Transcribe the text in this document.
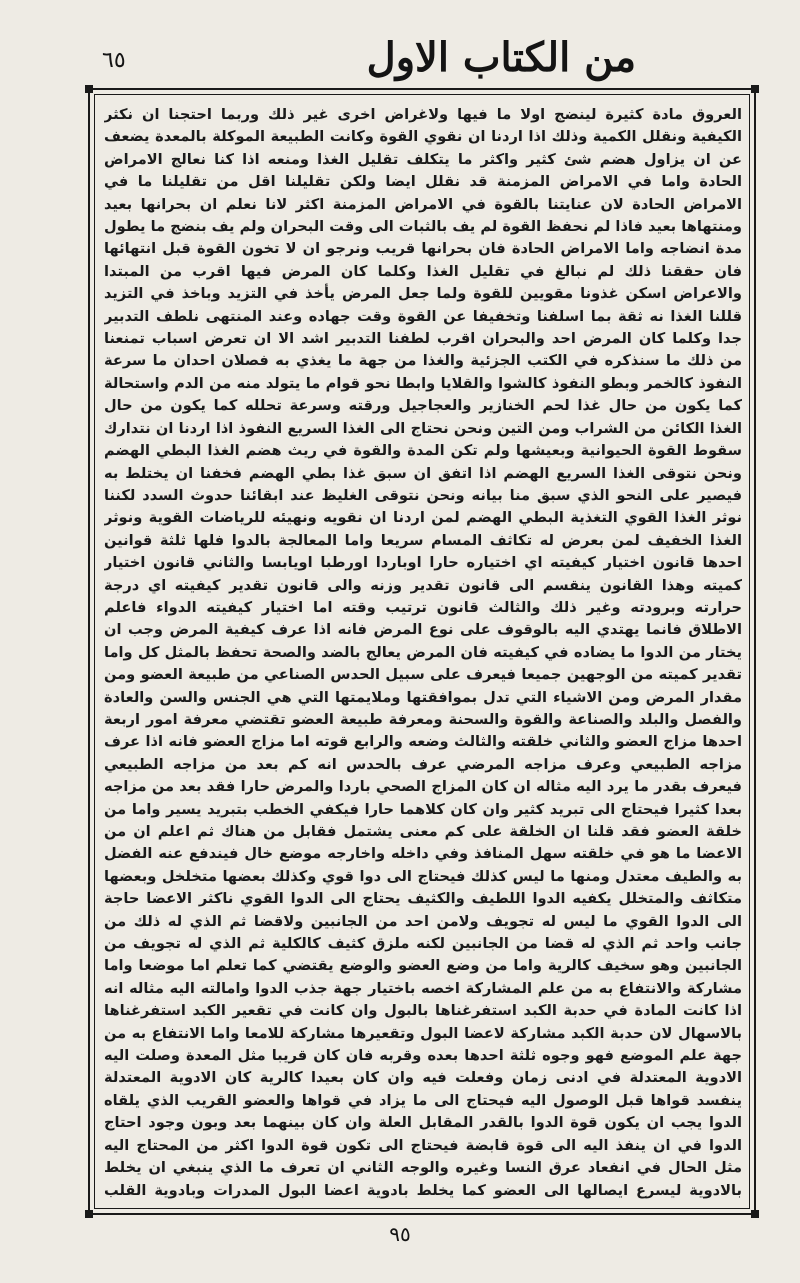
من الكتاب الاول
٦٥

العروق مادة كثيرة لينضج اولا ما فيها ولاغراض اخرى غير ذلك وربما احتجنا ان نكثر الكيفية ونقلل الكمية وذلك اذا اردنا ان نقوي القوة وكانت الطبيعة الموكلة بالمعدة يضعف عن ان يزاول هضم شئ كثير واكثر ما يتكلف تقليل الغذا ومنعه اذا كنا نعالج الامراض الحادة واما في الامراض المزمنة قد نقلل ايضا ولكن تقليلنا اقل من تقليلنا ما في الامراض الحادة لان عنايتنا بالقوة في الامراض المزمنة اكثر لانا نعلم ان بحرانها بعيد ومنتهاها بعيد فاذا لم نحفظ القوة لم يف بالثبات الى وقت البحران ولم يف بنضج ما يطول مدة انضاجه واما الامراض الحادة فان بحرانها قريب ونرجو ان لا تخون القوة قبل انتهائها فان حققنا ذلك لم نبالغ في تقليل الغذا وكلما كان المرض فيها اقرب من المبتدا والاعراض اسكن غذونا مقويين للقوة ولما جعل المرض يأخذ في التزيد وباخذ في التزيد قللنا الغذا نه ثقة بما اسلفنا وتخفيفا عن القوة وقت جهاده وعند المنتهى نلطف التدبير جدا وكلما كان المرض احد والبحران اقرب لطفنا التدبير اشد الا ان تعرض اسباب تمنعنا من ذلك ما سنذكره في الكتب الجزئية والغذا من جهة ما يغذي به فصلان احدان ما سرعة النفوذ كالخمر وبطو النفوذ كالشوا والقلايا وابطا نحو قوام ما يتولد منه من الدم واستحالة كما يكون من حال غذا لحم الخنازير والعجاجيل ورقته وسرعة تحلله كما يكون من حال الغذا الكائن من الشراب ومن التين ونحن نحتاج الى الغذا السريع النفوذ اذا اردنا ان نتدارك سقوط القوة الحيوانية وبعيشها ولم تكن المدة والقوة في ريث هضم الغذا البطي الهضم ونحن نتوقى الغذا السريع الهضم اذا اتفق ان سبق غذا بطي الهضم فخفنا ان يختلط به فيصير على النحو الذي سبق منا بيانه ونحن نتوقى الغليظ عند ابقائنا حدوث السدد لكننا نوثر الغذا القوي التغذية البطي الهضم لمن اردنا ان نقويه ونهيئه للرياضات القوية ونوثر الغذا الخفيف لمن بعرض له تكاثف المسام سريعا واما المعالجة بالدوا فلها ثلثة قوانين احدها قانون اختيار كيفيته اي اختياره حارا اوباردا اورطبا اويابسا والثاني قانون اختيار كميته وهذا القانون ينقسم الى قانون تقدير وزنه والى قانون تقدير كيفيته اي درجة حرارته وبرودته وغير ذلك والثالث قانون ترتيب وقته اما اختيار كيفيته الدواء فاعلم الاطلاق فانما يهتدي اليه بالوقوف على نوع المرض فانه اذا عرف كيفية المرض وجب ان يختار من الدوا ما يضاده في كيفيته فان المرض يعالج بالضد والصحة تحفظ بالمثل كل واما تقدير كميته من الوجهين جميعا فيعرف على سبيل الحدس الصناعي من طبيعة العضو ومن مقدار المرض ومن الاشياء التي تدل بموافقتها وملايمتها التي هي الجنس والسن والعادة والفصل والبلد والصناعة والقوة والسحنة ومعرفة طبيعة العضو تقتضي معرفة امور اربعة احدها مزاج العضو والثاني خلقته والثالث وضعه والرابع قوته اما مزاج العضو فانه اذا عرف مزاجه الطبيعي وعرف مزاجه المرضي عرف بالحدس انه كم بعد من مزاجه الطبيعي فيعرف بقدر ما يرد اليه مثاله ان كان المزاج الصحي باردا والمرض حارا فقد بعد من مزاجه بعدا كثيرا فيحتاج الى تبريد كثير وان كان كلاهما حارا فيكفي الخطب بتبريد يسير واما من خلقة العضو فقد قلنا ان الخلقة على كم معنى يشتمل فقابل من هناك ثم اعلم ان من الاعضا ما هو في خلقته سهل المنافذ وفي داخله واخارجه موضع خال فيندفع عنه الفضل به والطيف معتدل ومنها ما ليس كذلك فيحتاج الى دوا قوي وكذلك بعضها متخلخل وبعضها متكاثف والمتخلل يكفيه الدوا اللطيف والكثيف يحتاج الى الدوا القوي ناكثر الاعضا حاجة الى الدوا القوي ما ليس له تجويف ولامن احد من الجانبين ولاقضا ثم الذي له ذلك من جانب واحد ثم الذي له قضا من الجانبين لكنه ملزق كثيف كالكلية ثم الذي له تجويف من الجانبين وهو سخيف كالرية واما من وضع العضو والوضع يقتضي كما تعلم اما موضعا واما مشاركة والانتفاع به من علم المشاركة اخصه باختيار جهة جذب الدوا وامالته اليه مثاله انه اذا كانت المادة في حدبة الكبد استفرغناها بالبول وان كانت في تقعير الكبد استفرغناها بالاسهال لان حدبة الكبد مشاركة لاعضا البول وتقعيرها مشاركة للامعا واما الانتفاع به من جهة علم الموضع فهو وجوه ثلثة احدها بعده وقربه فان كان قريبا مثل المعدة وصلت اليه الادوية المعتدلة في ادنى زمان وفعلت فيه وان كان بعيدا كالرية كان الادوية المعتدلة ينفسد قواها قبل الوصول اليه فيحتاج الى ما يزاد في قواها والعضو القريب الذي يلقاه الدوا يجب ان يكون قوة الدوا بالقدر المقابل العلة وان كان بينهما بعد وبون وجود احتاج الدوا في ان ينفذ اليه الى قوة قابضة فيحتاج الى تكون قوة الدوا اكثر من المحتاج اليه مثل الحال في انفعاد عرق النسا وغيره والوجه الثاني ان تعرف ما الذي ينبغي ان يخلط بالادوية ليسرع ايصالها الى العضو كما يخلط بادوية اعضا البول المدرات وبادوية القلب

٩٥
